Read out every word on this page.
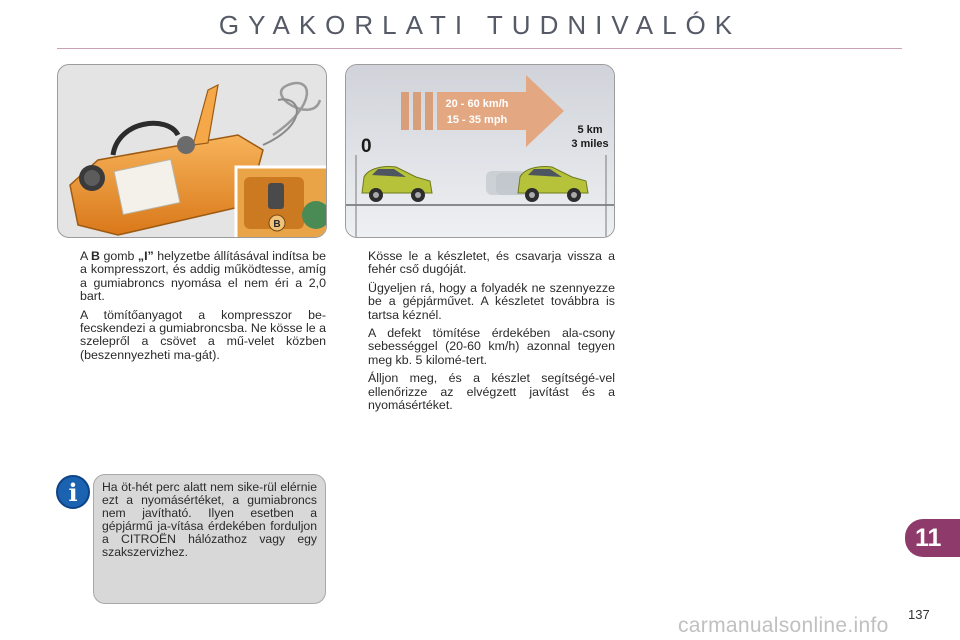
GYAKORLATI TUDNIVALÓK
B
20 - 60 km/h
15 - 35 mph
0
5 km
3 miles

A B gomb „I” helyzetbe állításával indítsa be a kompresszort, és addig működtesse, amíg a gumiabroncs nyomása el nem éri a 2,0 bart.

A tömítőanyagot a kompresszor be-fecskendezi a gumiabroncsba. Ne kösse le a szelepről a csövet a mű-velet közben (beszennyezheti ma-gát).

Kösse le a készletet, és csavarja vissza a fehér cső dugóját.

Ügyeljen rá, hogy a folyadék ne szennyezze be a gépjárművet. A készletet továbbra is tartsa kéznél.

A defekt tömítése érdekében ala-csony sebességgel (20-60 km/h) azonnal tegyen meg kb. 5 kilomé-tert.

Álljon meg, és a készlet segítségé-vel ellenőrizze az elvégzett javítást és a nyomásértéket.

i	Ha öt-hét perc alatt nem sike-rül elérnie ezt a nyomásértéket, a gumiabroncs nem javítható. Ilyen esetben a gépjármű ja-vítása érdekében forduljon a CITROËN hálózathoz vagy egy szakszervizhez.

11
137
carmanualsonline.info
